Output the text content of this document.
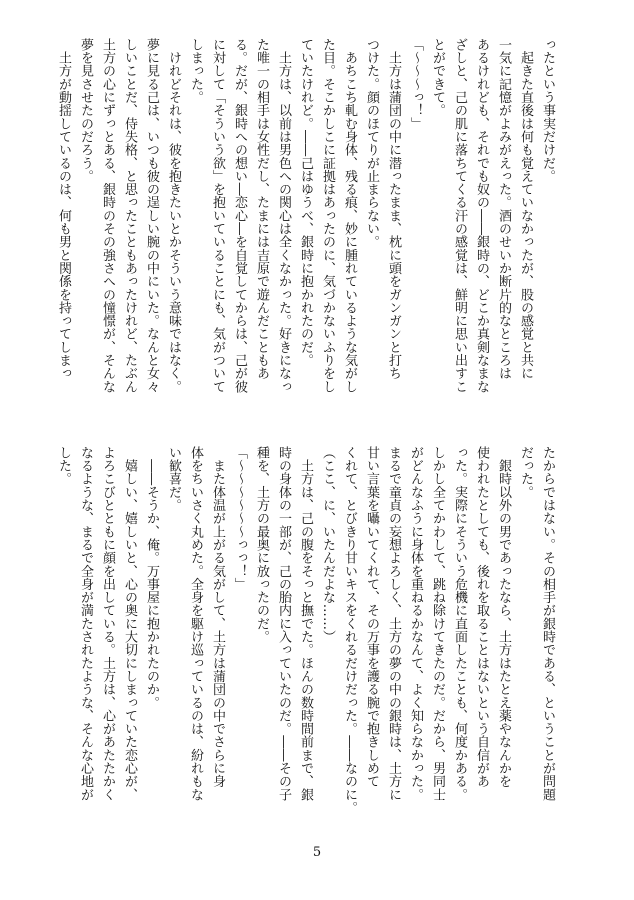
ったという事実だけだ。

　起きた直後は何も覚えていなかったが、股の感覚と共に

一気に記憶がよみがえった。酒のせいか断片的なところは

あるけれども、それでも奴の――銀時の、どこか真剣なまな

ざしと、己の肌に落ちてくる汗の感覚は、鮮明に思い出すこ

とができて。

「～～～っ！」

　土方は蒲団の中に潜ったまま、枕に頭をガンガンと打ち

つけた。顔のほてりが止まらない。

　あちこち軋む身体、残る痕、妙に腫れているような気がし

た目。そこかしこに証拠はあったのに、気づかないふりをし

ていたけれど。――己はゆうべ、銀時に抱かれたのだ。

　土方は、以前は男色への関心は全くなかった。好きになっ

た唯一の相手は女性だし、たまには吉原で遊んだこともあ

る。だが、銀時への想い―恋心―を自覚してからは、己が彼

に対して「そういう欲」を抱いていることにも、気がついて

しまった。

　けれどそれは、彼を抱きたいとかそういう意味ではなく。

夢に見る己は、いつも彼の逞しい腕の中にいた。なんと女々

しいことだ、侍失格、と思ったこともあったけれど、たぶん

土方の心にずっとある、銀時のその強さへの憧憬が、そんな

夢を見させたのだろう。

　土方が動揺しているのは、何も男と関係を持ってしまっ

たからではない。その相手が銀時である、ということが問題

だった。

　銀時以外の男であったなら、土方はたとえ薬やなんかを

使われたとしても、後れを取ることはないという自信があ

った。実際にそういう危機に直面したことも、何度かある。

しかし全てかわして、跳ね除けてきたのだ。だから、男同士

がどんなふうに身体を重ねるかなんて、よく知らなかった。

まるで童貞の妄想よろしく、土方の夢の中の銀時は、土方に

甘い言葉を囁いてくれて、その万事を護る腕で抱きしめて

くれて、とびきり甘いキスをくれるだけだった。――なのに。

（ここ、に、いたんだよな……）

　土方は、己の腹をそっと撫でた。ほんの数時間前まで、銀

時の身体の一部が、己の胎内に入っていたのだ。――その子

種を、土方の最奥に放ったのだ。

「～～～～～～っっ！」

　また体温が上がる気がして、土方は蒲団の中でさらに身

体をちいさく丸めた。全身を駆け巡っているのは、紛れもな

い歓喜だ。

　――そうか、俺。万事屋に抱かれたのか。

　嬉しい、嬉しいと、心の奥に大切にしまっていた恋心が、

よろこびとともに顔を出している。土方は、心があたたかく

なるような、まるで全身が満たされたような、そんな心地が

した。

5
